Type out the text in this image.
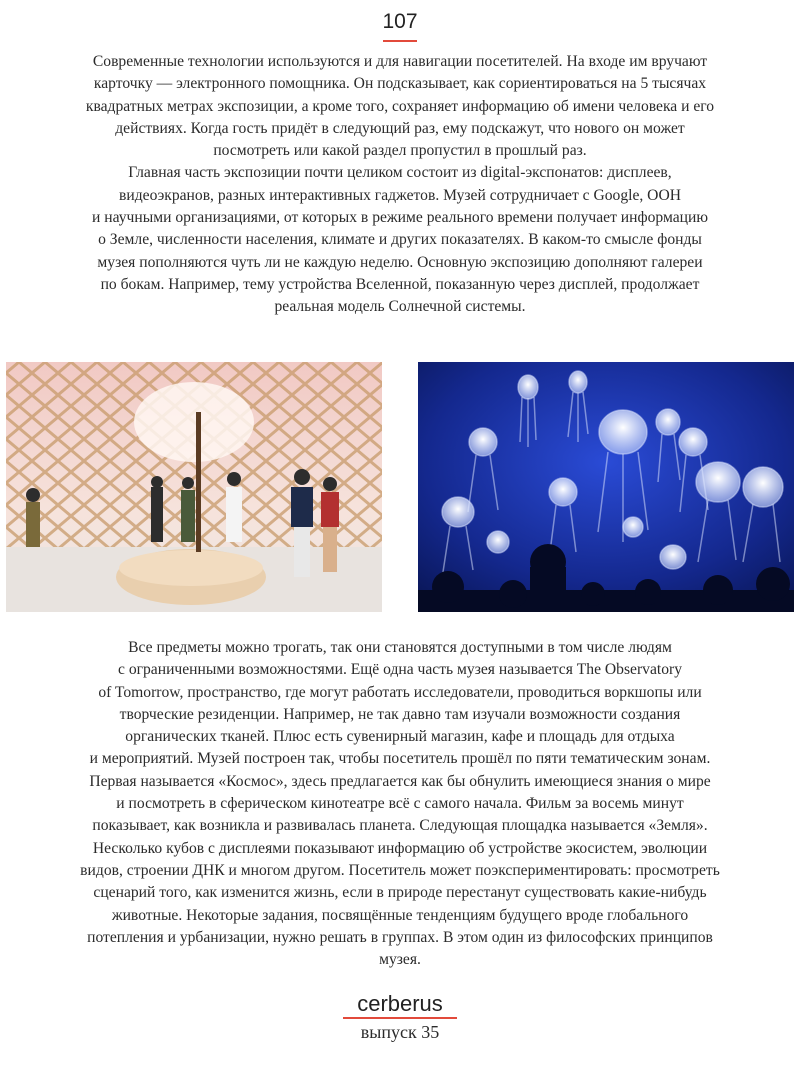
107
Современные технологии используются и для навигации посетителей. На входе им вручают
карточку — электронного помощника. Он подсказывает, как сориентироваться на 5 тысячах
квадратных метрах экспозиции, а кроме того, сохраняет информацию об имени человека и его
действиях. Когда гость придёт в следующий раз, ему подскажут, что нового он может
посмотреть или какой раздел пропустил в прошлый раз.
Главная часть экспозиции почти целиком состоит из digital-экспонатов: дисплеев,
видеоэкранов, разных интерактивных гаджетов. Музей сотрудничает с Google, ООН
и научными организациями, от которых в режиме реального времени получает информацию
о Земле, численности населения, климате и других показателях. В каком-то смысле фонды
музея пополняются чуть ли не каждую неделю. Основную экспозицию дополняют галереи
по бокам. Например, тему устройства Вселенной, показанную через дисплей, продолжает
реальная модель Солнечной системы.
Все предметы можно трогать, так они становятся доступными в том числе людям
с ограниченными возможностями. Ещё одна часть музея называется The Observatory
of Tomorrow, пространство, где могут работать исследователи, проводиться воркшопы или
творческие резиденции. Например, не так давно там изучали возможности создания
органических тканей. Плюс есть сувенирный магазин, кафе и площадь для отдыха
и мероприятий. Музей построен так, чтобы посетитель прошёл по пяти тематическим зонам.
Первая называется «Космос», здесь предлагается как бы обнулить имеющиеся знания о мире
и посмотреть в сферическом кинотеатре всё с самого начала. Фильм за восемь минут
показывает, как возникла и развивалась планета. Следующая площадка называется «Земля».
Несколько кубов с дисплеями показывают информацию об устройстве экосистем, эволюции
видов, строении ДНК и многом другом. Посетитель может поэкспериментировать: просмотреть
сценарий того, как изменится жизнь, если в природе перестанут существовать какие-нибудь
животные. Некоторые задания, посвящённые тенденциям будущего вроде глобального
потепления и урбанизации, нужно решать в группах. В этом один из философских принципов
музея.
cerberus
выпуск 35
